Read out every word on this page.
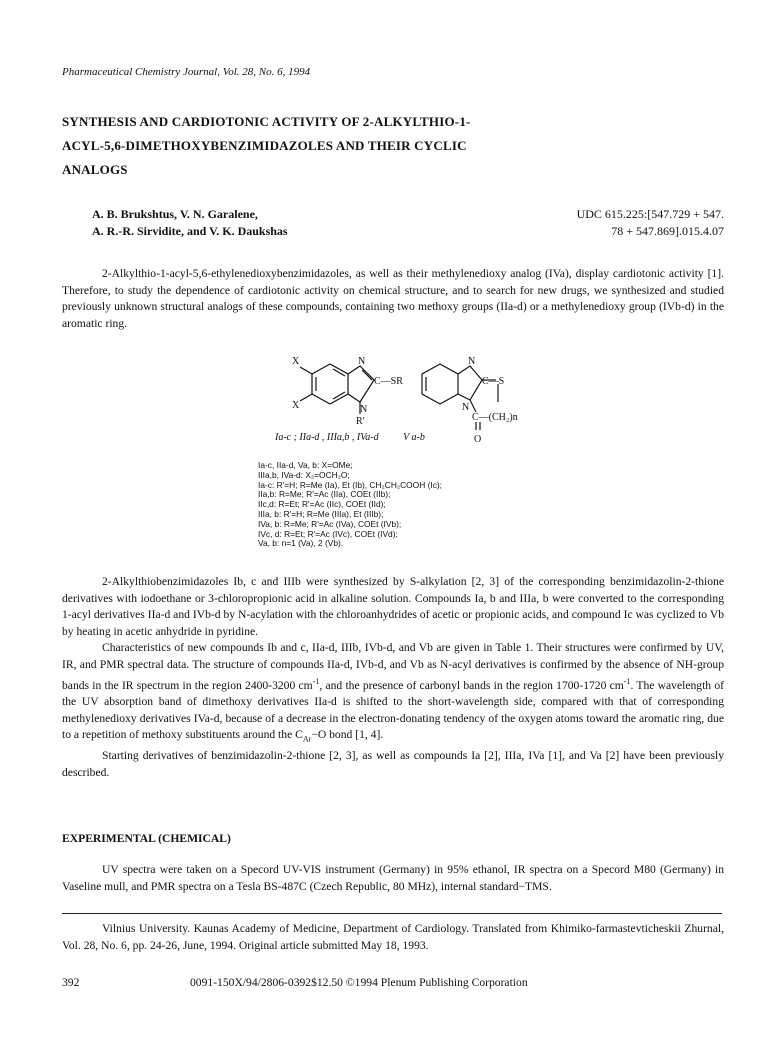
Pharmaceutical Chemistry Journal, Vol. 28, No. 6, 1994
SYNTHESIS AND CARDIOTONIC ACTIVITY OF 2-ALKYLTHIO-1-
ACYL-5,6-DIMETHOXYBENZIMIDAZOLES AND THEIR CYCLIC
ANALOGS
A. B. Brukshtus, V. N. Garalene,
A. R.-R. Sirvidite, and V. K. Daukshas
UDC 615.225:[547.729 + 547.
78 + 547.869].015.4.07

2-Alkylthio-1-acyl-5,6-ethylenedioxybenzimidazoles, as well as their methylenedioxy analog (IVa), display cardiotonic activity [1]. Therefore, to study the dependence of cardiotonic activity on chemical structure, and to search for new drugs, we synthesized and studied previously unknown structural analogs of these compounds, containing two methoxy groups (IIa-d) or a methylenedioxy group (IVb-d) in the aromatic ring.

X
X
N
N
C—SR
R'
N
N
C—S
C—(CH₂)n
O
Ia-c ; IIa-d , IIIa,b , IVa-d V a-b
Ia-c, IIa-d, Va, b: X=OMe;
IIIa,b, IVa-d: X₂=OCH₂O;
Ia-c: R'=H; R=Me (Ia), Et (Ib), CH₂CH₂COOH (Ic);
IIa,b: R=Me; R'=Ac (IIa), COEt (IIb);
IIc,d: R=Et; R'=Ac (IIc), COEt (IId);
IIIa, b: R'=H; R=Me (IIIa), Et (IIIb);
IVa, b: R=Me; R'=Ac (IVa), COEt (IVb);
IVc, d: R=Et; R'=Ac (IVc), COEt (IVd);
Va, b: n=1 (Va), 2 (Vb).

2-Alkylthiobenzimidazoles Ib, c and IIIb were synthesized by S-alkylation [2, 3] of the corresponding benzimidazolin-2-thione derivatives with iodoethane or 3-chloropropionic acid in alkaline solution. Compounds Ia, b and IIIa, b were converted to the corresponding 1-acyl derivatives IIa-d and IVb-d by N-acylation with the chloroanhydrides of acetic or propionic acids, and compound Ic was cyclized to Vb by heating in acetic anhydride in pyridine.

Characteristics of new compounds Ib and c, IIa-d, IIIb, IVb-d, and Vb are given in Table 1. Their structures were confirmed by UV, IR, and PMR spectral data. The structure of compounds IIa-d, IVb-d, and Vb as N-acyl derivatives is confirmed by the absence of NH-group bands in the IR spectrum in the region 2400-3200 $cm^{-1}$, and the presence of carbonyl bands in the region 1700-1720 $cm^{-1}$. The wavelength of the UV absorption band of dimethoxy derivatives IIa-d is shifted to the short-wavelength side, compared with that of corresponding methylenedioxy derivatives IVa-d, because of a decrease in the electron-donating tendency of the oxygen atoms toward the aromatic ring, due to a repetition of methoxy substituents around the $C_{Ar}-O$ bond [1, 4].

Starting derivatives of benzimidazolin-2-thione [2, 3], as well as compounds Ia [2], IIIa, IVa [1], and Va [2] have been previously described.

EXPERIMENTAL (CHEMICAL)

UV spectra were taken on a Specord UV-VIS instrument (Germany) in 95% ethanol, IR spectra on a Specord M80 (Germany) in Vaseline mull, and PMR spectra on a Tesla BS-487C (Czech Republic, 80 MHz), internal standard−TMS.

Vilnius University. Kaunas Academy of Medicine, Department of Cardiology. Translated from Khimiko-farmastevticheskii Zhurnal, Vol. 28, No. 6, pp. 24-26, June, 1994. Original article submitted May 18, 1993.

392	0091-150X/94/2806-0392$12.50 ©1994 Plenum Publishing Corporation
